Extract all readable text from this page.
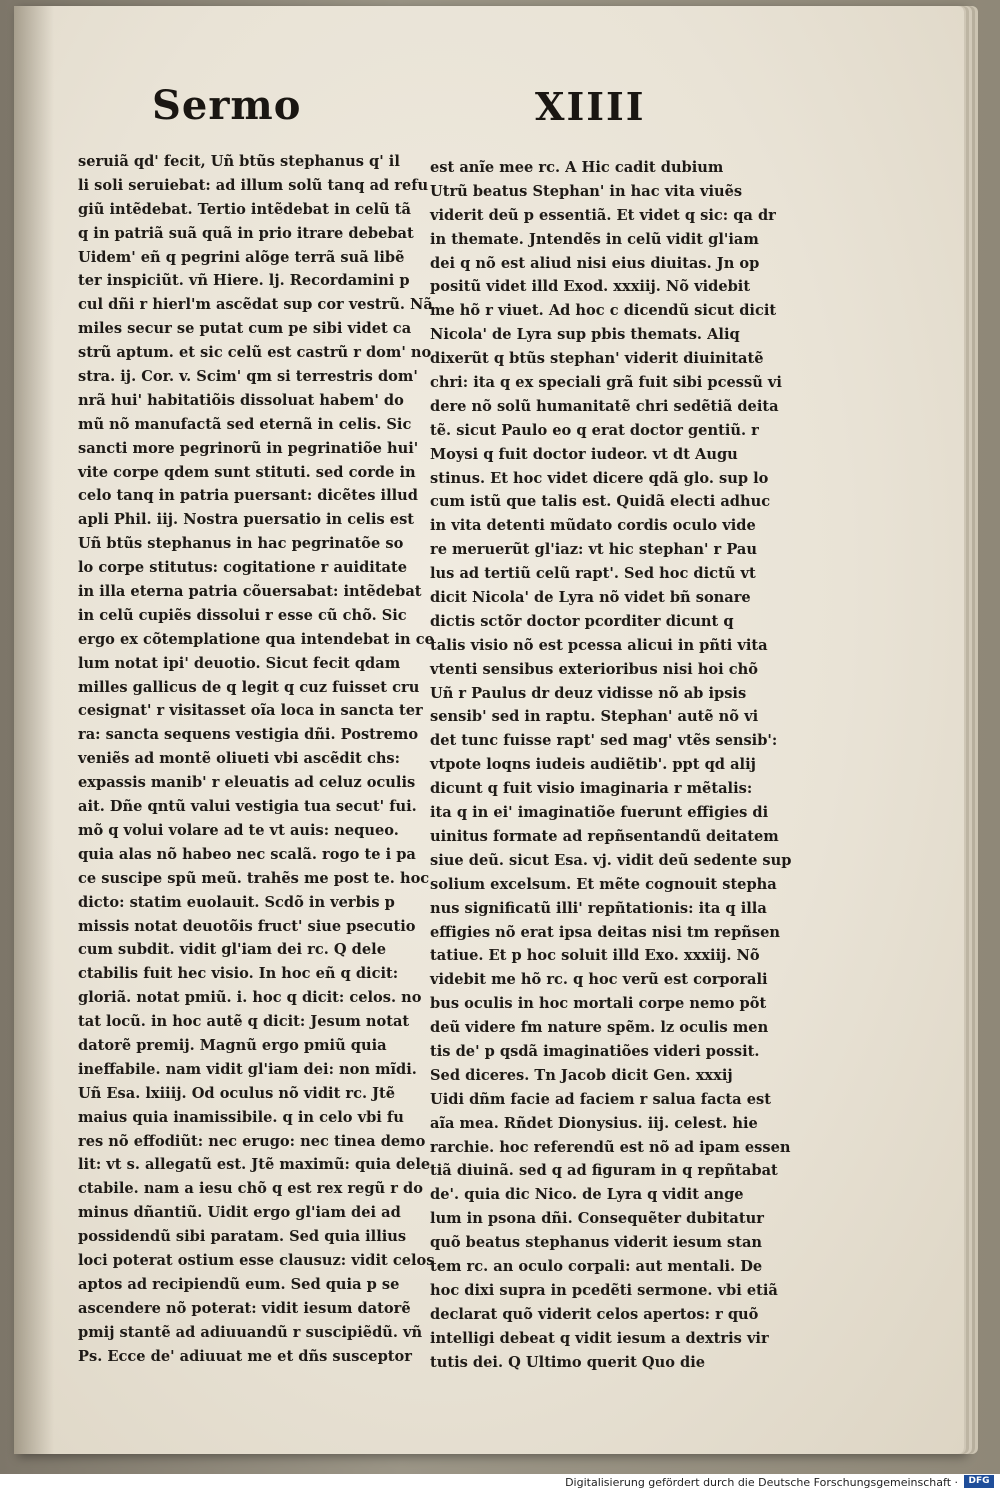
Sermo	XIIII
seruiã qd' fecit, Uñ btũs stephanus q' il
li soli seruiebat: ad illum solũ tanq ad refu
giũ intẽdebat. Tertio intẽdebat in celũ tã
q in patriã suã quã in prio itrare debebat
Uidem' eñ q pegrini alõge terrã suã libẽ
ter inspiciũt. vñ Hiere. lj. Recordamini p
cul dñi r hierl'm ascẽdat sup cor vestrũ. Nã
miles secur se putat cum pe sibi videt ca
strũ aptum. et sic celũ est castrũ r dom' no
stra. ij. Cor. v. Scim' qm si terrestris dom'
nrã hui' habitatiõis dissoluat habem' do
mũ nõ manufactã sed eternã in celis. Sic
sancti more pegrinorũ in pegrinatiõe hui'
vite corpe qdem sunt stituti. sed corde in
celo tanq in patria puersant: dicẽtes illud
apli Phil. iij. Nostra puersatio in celis est
Uñ btũs stephanus in hac pegrinatõe so
lo corpe stitutus: cogitatione r auiditate
in illa eterna patria cõuersabat: intẽdebat
in celũ cupiẽs dissolui r esse cũ chõ. Sic
ergo ex cõtemplatione qua intendebat in ce
lum notat ipi' deuotio. Sicut fecit qdam
milles gallicus de q legit q cuz fuisset cru
cesignat' r visitasset oĩa loca in sancta ter
ra: sancta sequens vestigia dñi. Postremo
veniẽs ad montẽ oliueti vbi ascẽdit chs:
expassis manib' r eleuatis ad celuz oculis
ait. Dñe qntũ valui vestigia tua secut' fui.
mõ q volui volare ad te vt auis: nequeo.
quia alas nõ habeo nec scalã. rogo te i pa
ce suscipe spũ meũ. trahẽs me post te. hoc
dicto: statim euolauit. Scdõ in verbis p
missis notat deuotõis fruct' siue psecutio
cum subdit. vidit gl'iam dei rc. Q dele
ctabilis fuit hec visio. In hoc eñ q dicit:
gloriã. notat pmiũ. i. hoc q dicit: celos. no
tat locũ. in hoc autẽ q dicit: Jesum notat
datorẽ premij. Magnũ ergo pmiũ quia
ineffabile. nam vidit gl'iam dei: non mĩdi.
Uñ Esa. lxiiij. Od oculus nõ vidit rc. Jtẽ
maius quia inamissibile. q in celo vbi fu
res nõ effodiũt: nec erugo: nec tinea demo
lit: vt s. allegatũ est. Jtẽ maximũ: quia dele
ctabile. nam a iesu chõ q est rex regũ r do
minus dñantiũ. Uidit ergo gl'iam dei ad
possidendũ sibi paratam. Sed quia illius
loci poterat ostium esse clausuz: vidit celos
aptos ad recipiendũ eum. Sed quia p se
ascendere nõ poterat: vidit iesum datorẽ
pmij stantẽ ad adiuuandũ r suscipiẽdũ. vñ
Ps. Ecce de' adiuuat me et dñs susceptor
est anĩe mee rc. A Hic cadit dubium
Utrũ beatus Stephan' in hac vita viuẽs
viderit deũ p essentiã. Et videt q sic: qa dr
in themate. Jntendẽs in celũ vidit gl'iam
dei q nõ est aliud nisi eius diuitas. Jn op
positũ videt illd Exod. xxxiij. Nõ videbit
me hõ r viuet. Ad hoc c dicendũ sicut dicit
Nicola' de Lyra sup pbis themats. Aliq
dixerũt q btũs stephan' viderit diuinitatẽ
chri: ita q ex speciali grã fuit sibi pcessũ vi
dere nõ solũ humanitatẽ chri sedẽtiã deita
tẽ. sicut Paulo eo q erat doctor gentiũ. r
Moysi q fuit doctor iudeor. vt dt Augu
stinus. Et hoc videt dicere qdã glo. sup lo
cum istũ que talis est. Quidã electi adhuc
in vita detenti mũdato cordis oculo vide
re meruerũt gl'iaz: vt hic stephan' r Pau
lus ad tertiũ celũ rapt'. Sed hoc dictũ vt
dicit Nicola' de Lyra nõ videt bñ sonare
dictis sctõr doctor pcorditer dicunt q
talis visio nõ est pcessa alicui in pñti vita
vtenti sensibus exterioribus nisi hoi chõ
Uñ r Paulus dr deuz vidisse nõ ab ipsis
sensib' sed in raptu. Stephan' autẽ nõ vi
det tunc fuisse rapt' sed mag' vtẽs sensib':
vtpote loqns iudeis audiẽtib'. ppt qd alij
dicunt q fuit visio imaginaria r mẽtalis:
ita q in ei' imaginatiõe fuerunt effigies di
uinitus formate ad repñsentandũ deitatem
siue deũ. sicut Esa. vj. vidit deũ sedente sup
solium excelsum. Et mẽte cognouit stepha
nus significatũ illi' repñtationis: ita q illa
effigies nõ erat ipsa deitas nisi tm repñsen
tatiue. Et p hoc soluit illd Exo. xxxiij. Nõ
videbit me hõ rc. q hoc verũ est corporali
bus oculis in hoc mortali corpe nemo põt
deũ videre fm nature spẽm. lz oculis men
tis de' p qsdã imaginatiões videri possit.
Sed diceres. Tn Jacob dicit Gen. xxxij
Uidi dñm facie ad faciem r salua facta est
aĩa mea. Rñdet Dionysius. iij. celest. hie
rarchie. hoc referendũ est nõ ad ipam essen
tiã diuinã. sed q ad figuram in q repñtabat
de'. quia dic Nico. de Lyra q vidit ange
lum in psona dñi. Consequẽter dubitatur
quõ beatus stephanus viderit iesum stan
tem rc. an oculo corpali: aut mentali. De
hoc dixi supra in pcedẽti sermone. vbi etiã
declarat quõ viderit celos apertos: r quõ
intelligi debeat q vidit iesum a dextris vir
tutis dei. Q Ultimo querit Quo die
Digitalisierung gefördert durch die Deutsche Forschungsgemeinschaft ·	DFG
